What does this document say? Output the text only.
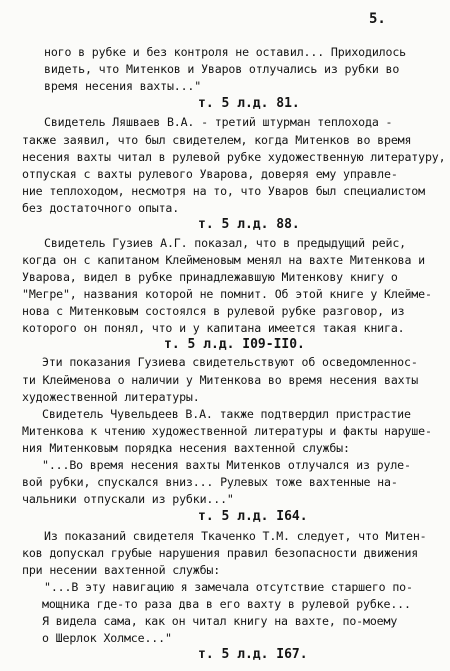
5.
ного в рубке и без контроля не оставил... Приходилось
видеть, что Митенков и Уваров отлучались из рубки во
время несения вахты..."
т. 5 л.д. 81.
Свидетель Ляшваев В.А. - третий штурман теплохода -
также заявил, что был свидетелем, когда Митенков во время
несения вахты читал в рулевой рубке художественную литературу,
отпуская с вахты рулевого Уварова, доверяя ему управле-
ние теплоходом, несмотря на то, что Уваров был специалистом
без достаточного опыта.
т. 5 л.д. 88.
Свидетель Гузиев А.Г. показал, что в предыдущий рейс,
когда он с капитаном Клейменовым менял на вахте Митенкова и
Уварова, видел в рубке принадлежавшую Митенкову книгу о
"Мегре", названия которой не помнит. Об этой книге у Клейме-
нова с Митенковым состоялся в рулевой рубке разговор, из
которого он понял, что и у капитана имеется такая книга.
т. 5 л.д. I09-II0.
Эти показания Гузиева свидетельствуют об осведомленнос-
ти Клейменова о наличии у Митенкова во время несения вахты
художественной литературы.
Свидетель Чувельдеев В.А. также подтвердил пристрастие
Митенкова к чтению художественной литературы и факты наруше-
ния Митенковым порядка несения вахтенной службы:
"...Во время несения вахты Митенков отлучался из руле-
вой рубки, спускался вниз... Рулевых тоже вахтенные на-
чальники отпускали из рубки..."
т. 5 л.д. I64.
Из показаний свидетеля Ткаченко Т.М. следует, что Митен-
ков допускал грубые нарушения правил безопасности движения
при несении вахтенной службы:
"...В эту навигацию я замечала отсутствие старшего по-
мощника где-то раза два в его вахту в рулевой рубке...
Я видела сама, как он читал книгу на вахте, по-моему
о Шерлок Холмсе..."
т. 5 л.д. I67.
